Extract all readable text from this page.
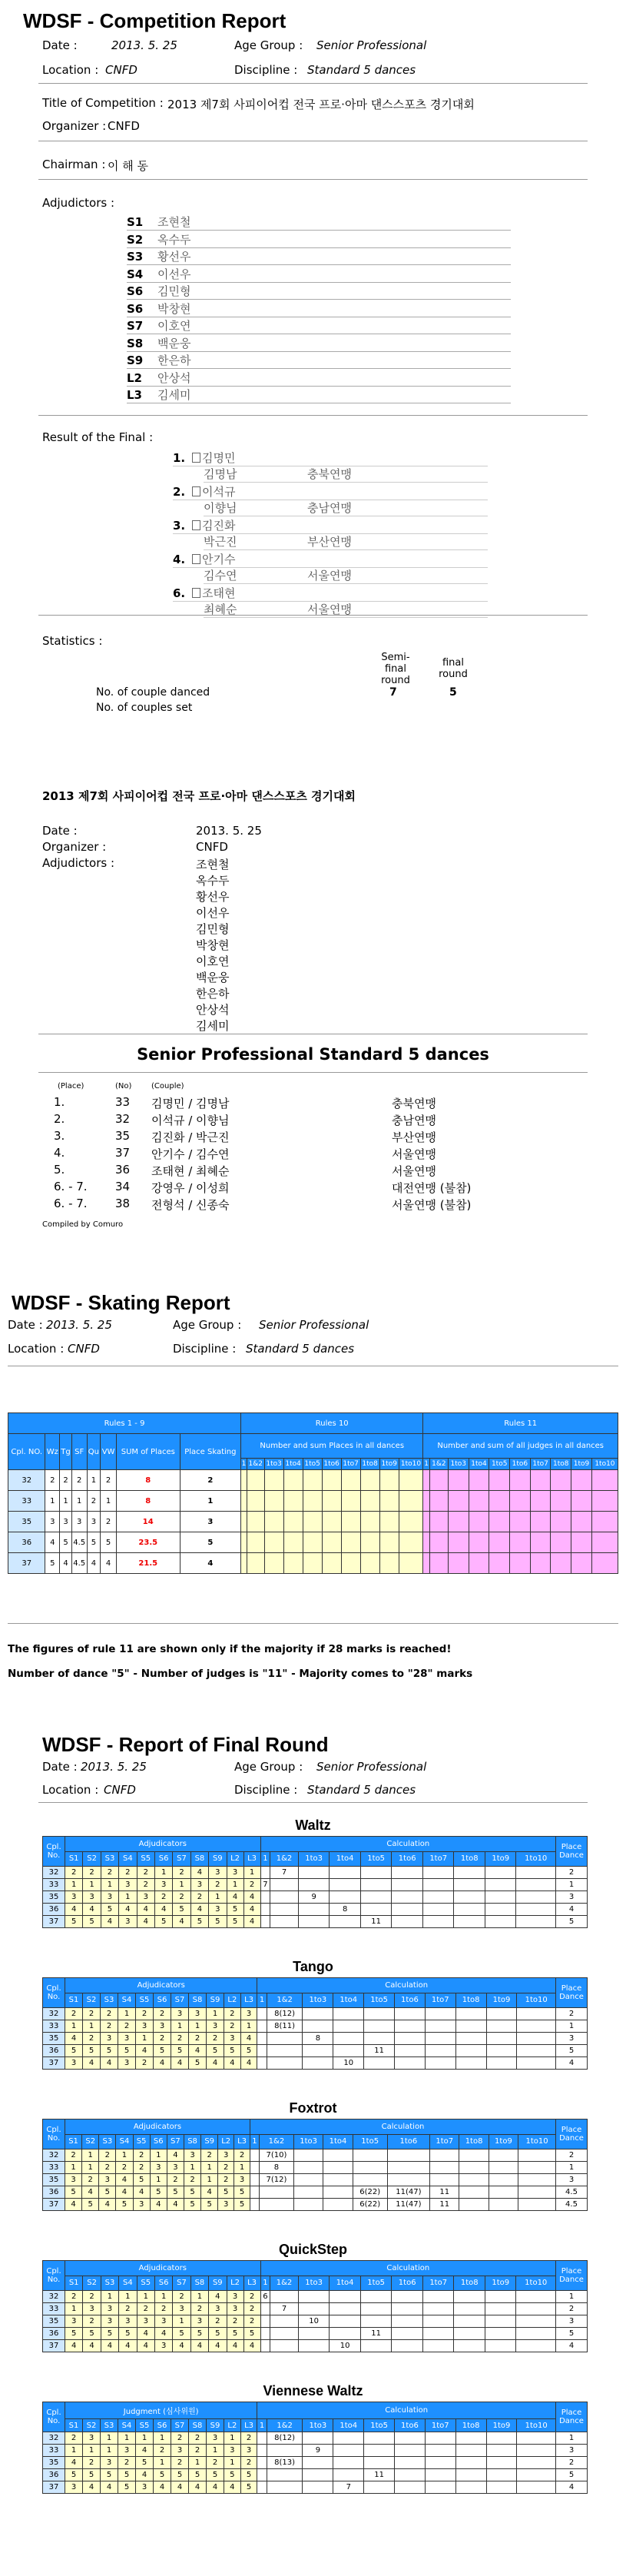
WDSF - Competition Report
Date :	2013. 5. 25	Age Group : Senior Professional
Location : CNFD	Discipline : Standard 5 dances
Title of Competition : 2013 제7회 사피이어컵 전국 프로·아마 댄스스포츠 경기대회
Organizer : CNFD
Chairman : 이 해 동
Adjudictors :
S1 조현철
S2 옥수두
S3 황선우
S4 이선우
S6 김민형
S6 박창현
S7 이호연
S8 백운웅
S9 한은하
L2 안상석
L3 김세미
Result of the Final :
1. 김명민
김명남	충북연맹
2. 이석규
이향님	충남연맹
3. 김진화
박근진	부산연맹
4. 안기수
김수연	서울연맹
6. 조태현
최혜순	서울연맹
Statistics :
Semi-final round
final round
No. of couple danced	7	5
No. of couples set
2013 제7회 사피이어컵 전국 프로·아마 댄스스포츠 경기대회
Date :	2013. 5. 25
Organizer :	CNFD
Adjudictors :	조현철
옥수두
황선우
이선우
김민형
박창현
이호연
백운웅
한은하
안상석
김세미
Senior Professional Standard 5 dances
(Place)	(No)	(Couple)
1.	33 김명민 / 김명남	충북연맹
2.	32 이석규 / 이향님	충남연맹
3.	35 김진화 / 박근진	부산연맹
4.	37 안기수 / 김수연	서울연맹
5.	36 조태현 / 최혜순	서울연맹
6. - 7. 34 강영우 / 이성희	대전연맹 (불참)
6. - 7. 38 전형석 / 신종숙	서울연맹 (불참)
Compiled by Comuro
WDSF - Skating Report
Date : 2013. 5. 25	Age Group : Senior Professional
Location : CNFD	Discipline : Standard 5 dances
Rules 1 - 9								Rules 10										Rules 11									
Cpl. NO.	Wz	Tg	SF	Qu	VW	SUM of Places	Place Skating	Number and sum Places in all dances										Number and sum of all judges in all dances									
								1	1&2	1to3	1to4	1to5	1to6	1to7	1to8	1to9	1to10	1	1&2	1to3	1to4	1to5	1to6	1to7	1to8	1to9	1to10
32	2	2	2	1	2	8	2																				
33	1	1	1	2	1	8	1																				
35	3	3	3	3	2	14	3																				
36	4	5	4.5	5	5	23.5	5																				
37	5	4	4.5	4	4	21.5	4																				
The figures of rule 11 are shown only if the majority if 28 marks is reached!
Number of dance "5" - Number of judges is "11" - Majority comes to "28" marks
WDSF - Report of Final Round
Date : 2013. 5. 25	Age Group : Senior Professional
Location : CNFD	Discipline : Standard 5 dances
Waltz
Cpl. No.	Adjudicators											Calculation										Place Dance
	S1	S2	S3	S4	S5	S6	S7	S8	S9	L2	L3	1	1&2	1to3	1to4	1to5	1to6	1to7	1to8	1to9	1to10	
32	2	2	2	2	2	1	2	4	3	3	1		7									2
33	1	1	1	3	2	3	1	3	2	1	2	7										1
35	3	3	3	1	3	2	2	2	1	4	4			9								3
36	4	4	5	4	4	4	5	4	3	5	4				8							4
37	5	5	4	3	4	5	4	5	5	5	4					11						5
Tango
Cpl. No.	Adjudicators											Calculation										Place Dance
	S1	S2	S3	S4	S5	S6	S7	S8	S9	L2	L3	1	1&2	1to3	1to4	1to5	1to6	1to7	1to8	1to9	1to10	
32	2	2	2	1	2	2	3	3	1	2	3		8(12)									2
33	1	1	2	2	3	3	1	1	3	2	1		8(11)									1
35	4	2	3	3	1	2	2	2	2	3	4			8								3
36	5	5	5	5	4	5	5	4	5	5	5					11						5
37	3	4	4	3	2	4	4	5	4	4	4				10							4
Foxtrot
Cpl. No.	Adjudicators											Calculation										Place Dance
	S1	S2	S3	S4	S5	S6	S7	S8	S9	L2	L3	1	1&2	1to3	1to4	1to5	1to6	1to7	1to8	1to9	1to10	
32	2	1	2	1	2	1	4	3	2	3	2		7(10)									2
33	1	1	2	2	2	3	3	1	1	2	1		8									1
35	3	2	3	4	5	1	2	2	1	2	3		7(12)									3
36	5	4	5	4	4	5	5	5	4	5	5					6(22)	11(47)	11				4.5
37	4	5	4	5	3	4	4	5	5	3	5					6(22)	11(47)	11				4.5
QuickStep
Cpl. No.	Adjudicators											Calculation										Place Dance
	S1	S2	S3	S4	S5	S6	S7	S8	S9	L2	L3	1	1&2	1to3	1to4	1to5	1to6	1to7	1to8	1to9	1to10	
32	2	2	1	1	1	1	2	1	4	3	2	6										1
33	1	3	3	2	2	2	3	2	3	3	2		7									2
35	3	2	3	3	3	3	1	3	2	2	2			10								3
36	5	5	5	5	4	4	5	5	5	5	5					11						5
37	4	4	4	4	4	3	4	4	4	4	4				10							4
Viennese Waltz
Cpl. No.	Judgment (심사위원)											Calculation										Place Dance
	S1	S2	S3	S4	S5	S6	S7	S8	S9	L2	L3	1	1&2	1to3	1to4	1to5	1to6	1to7	1to8	1to9	1to10	
32	2	3	1	1	1	1	2	2	3	1	2		8(12)									1
33	1	1	1	3	4	2	3	2	1	3	3			9								3
35	4	2	3	2	5	1	2	1	2	1	2		8(13)									2
36	5	5	5	5	4	5	5	5	5	5	5					11						5
37	3	4	4	5	3	4	4	4	4	4	5				7							4
